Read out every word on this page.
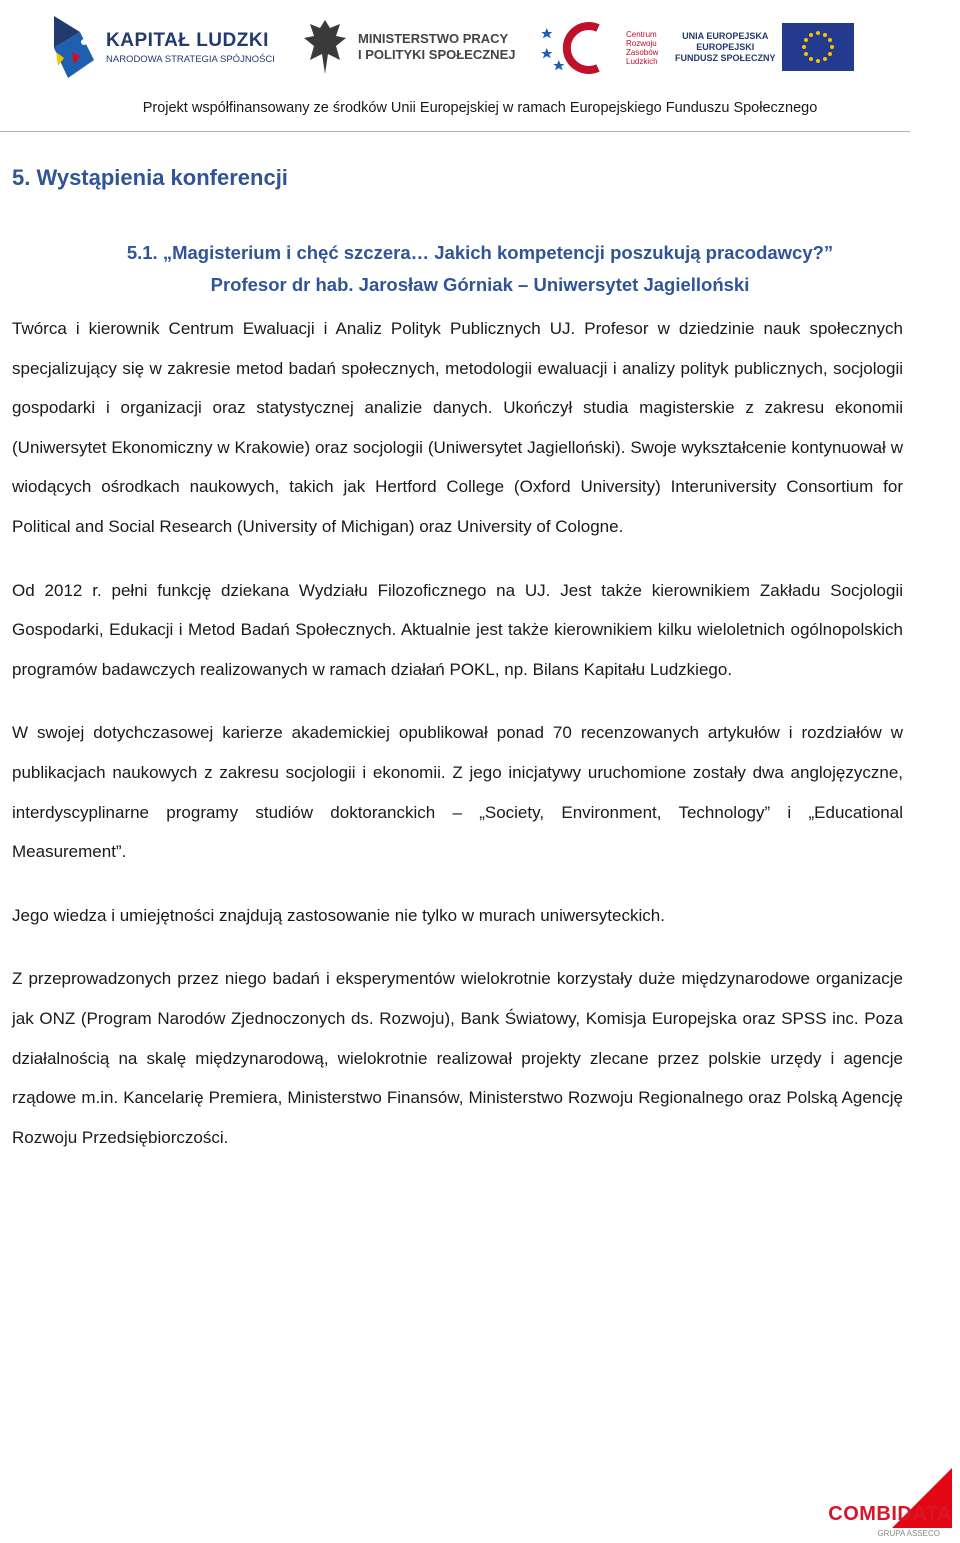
KAPITAŁ LUDZKI
NARODOWA STRATEGIA SPÓJNOŚCI
MINISTERSTWO PRACY
I POLITYKI SPOŁECZNEJ
Centrum
Rozwoju
Zasobów
Ludzkich
UNIA EUROPEJSKA
EUROPEJSKI
FUNDUSZ SPOŁECZNY
Projekt współfinansowany ze środków Unii Europejskiej w ramach Europejskiego Funduszu Społecznego
5. Wystąpienia konferencji
5.1. „Magisterium i chęć szczera… Jakich kompetencji poszukują pracodawcy?”
Profesor dr hab. Jarosław Górniak – Uniwersytet Jagielloński

Twórca i kierownik Centrum Ewaluacji i Analiz Polityk Publicznych UJ. Profesor w dziedzinie nauk społecznych specjalizujący się w zakresie metod badań społecznych, metodologii ewaluacji i analizy polityk publicznych, socjologii gospodarki i organizacji oraz statystycznej analizie danych. Ukończył studia magisterskie z zakresu ekonomii (Uniwersytet Ekonomiczny w Krakowie) oraz socjologii (Uniwersytet Jagielloński). Swoje wykształcenie kontynuował w wiodących ośrodkach naukowych, takich jak Hertford College (Oxford University) Interuniversity Consortium for Political and Social Research (University of Michigan) oraz University of Cologne.

Od 2012 r. pełni funkcję dziekana Wydziału Filozoficznego na UJ. Jest także kierownikiem Zakładu Socjologii Gospodarki, Edukacji i Metod Badań Społecznych. Aktualnie jest także kierownikiem kilku wieloletnich ogólnopolskich programów badawczych realizowanych w ramach działań POKL, np. Bilans Kapitału Ludzkiego.

W swojej dotychczasowej karierze akademickiej opublikował ponad 70 recenzowanych artykułów i rozdziałów w publikacjach naukowych z zakresu socjologii i ekonomii. Z jego inicjatywy uruchomione zostały dwa anglojęzyczne, interdyscyplinarne programy studiów doktoranckich – „Society, Environment, Technology” i „Educational Measurement”.

Jego wiedza i umiejętności znajdują zastosowanie nie tylko w murach uniwersyteckich.

Z przeprowadzonych przez niego badań i eksperymentów wielokrotnie korzystały duże międzynarodowe organizacje jak ONZ (Program Narodów Zjednoczonych ds. Rozwoju), Bank Światowy, Komisja Europejska oraz SPSS inc. Poza działalnością na skalę międzynarodową, wielokrotnie realizował projekty zlecane przez polskie urzędy i agencje rządowe m.in. Kancelarię Premiera, Ministerstwo Finansów, Ministerstwo Rozwoju Regionalnego oraz Polską Agencję Rozwoju Przedsiębiorczości.

COMBIDATA
GRUPA ASSECO
